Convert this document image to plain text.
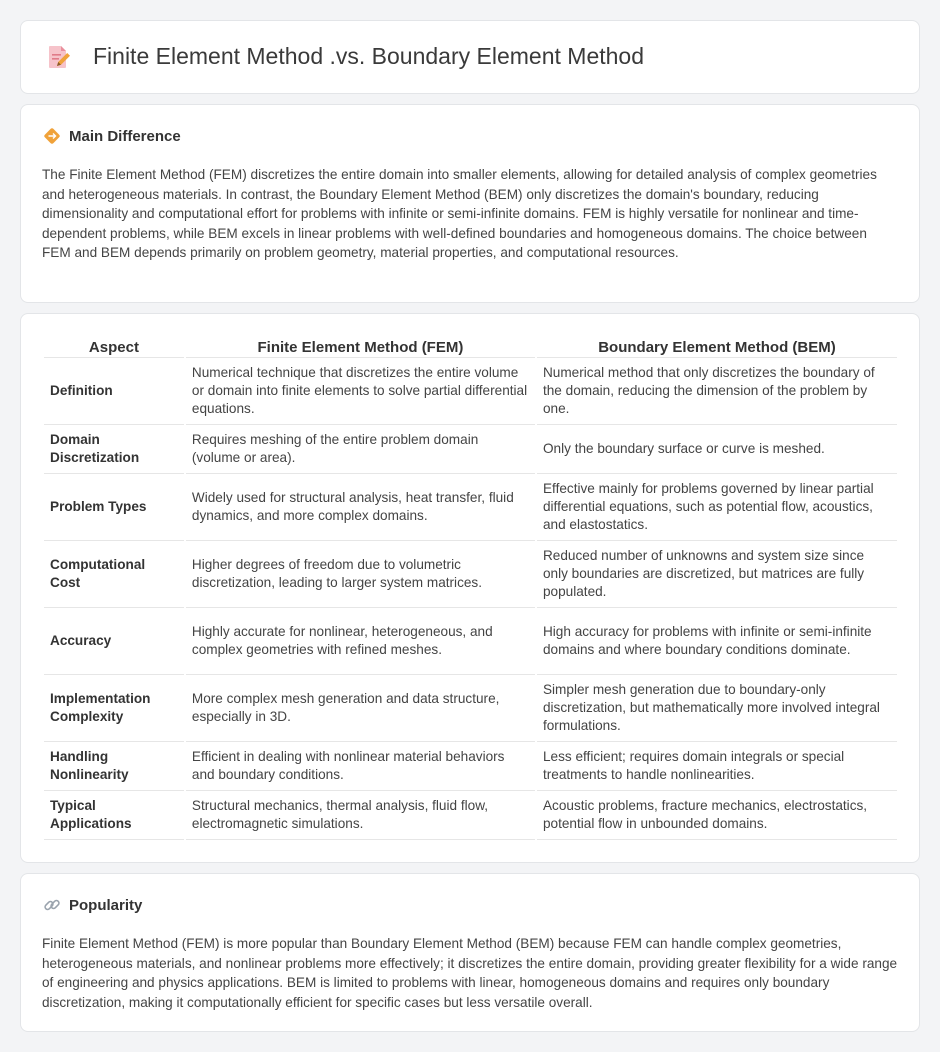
Finite Element Method .vs. Boundary Element Method
Main Difference

The Finite Element Method (FEM) discretizes the entire domain into smaller elements, allowing for detailed analysis of complex geometries and heterogeneous materials. In contrast, the Boundary Element Method (BEM) only discretizes the domain's boundary, reducing dimensionality and computational effort for problems with infinite or semi-infinite domains. FEM is highly versatile for nonlinear and time-dependent problems, while BEM excels in linear problems with well-defined boundaries and homogeneous domains. The choice between FEM and BEM depends primarily on problem geometry, material properties, and computational resources.

Aspect	Finite Element Method (FEM)	Boundary Element Method (BEM)
Definition	Numerical technique that discretizes the entire volume or domain into finite elements to solve partial differential equations.	Numerical method that only discretizes the boundary of the domain, reducing the dimension of the problem by one.
Domain Discretization	Requires meshing of the entire problem domain (volume or area).	Only the boundary surface or curve is meshed.
Problem Types	Widely used for structural analysis, heat transfer, fluid dynamics, and more complex domains.	Effective mainly for problems governed by linear partial differential equations, such as potential flow, acoustics, and elastostatics.
Computational Cost	Higher degrees of freedom due to volumetric discretization, leading to larger system matrices.	Reduced number of unknowns and system size since only boundaries are discretized, but matrices are fully populated.
Accuracy	Highly accurate for nonlinear, heterogeneous, and complex geometries with refined meshes.	High accuracy for problems with infinite or semi-infinite domains and where boundary conditions dominate.
Implementation Complexity	More complex mesh generation and data structure, especially in 3D.	Simpler mesh generation due to boundary-only discretization, but mathematically more involved integral formulations.
Handling Nonlinearity	Efficient in dealing with nonlinear material behaviors and boundary conditions.	Less efficient; requires domain integrals or special treatments to handle nonlinearities.
Typical Applications	Structural mechanics, thermal analysis, fluid flow, electromagnetic simulations.	Acoustic problems, fracture mechanics, electrostatics, potential flow in unbounded domains.
Popularity

Finite Element Method (FEM) is more popular than Boundary Element Method (BEM) because FEM can handle complex geometries, heterogeneous materials, and nonlinear problems more effectively; it discretizes the entire domain, providing greater flexibility for a wide range of engineering and physics applications. BEM is limited to problems with linear, homogeneous domains and requires only boundary discretization, making it computationally efficient for specific cases but less versatile overall.
